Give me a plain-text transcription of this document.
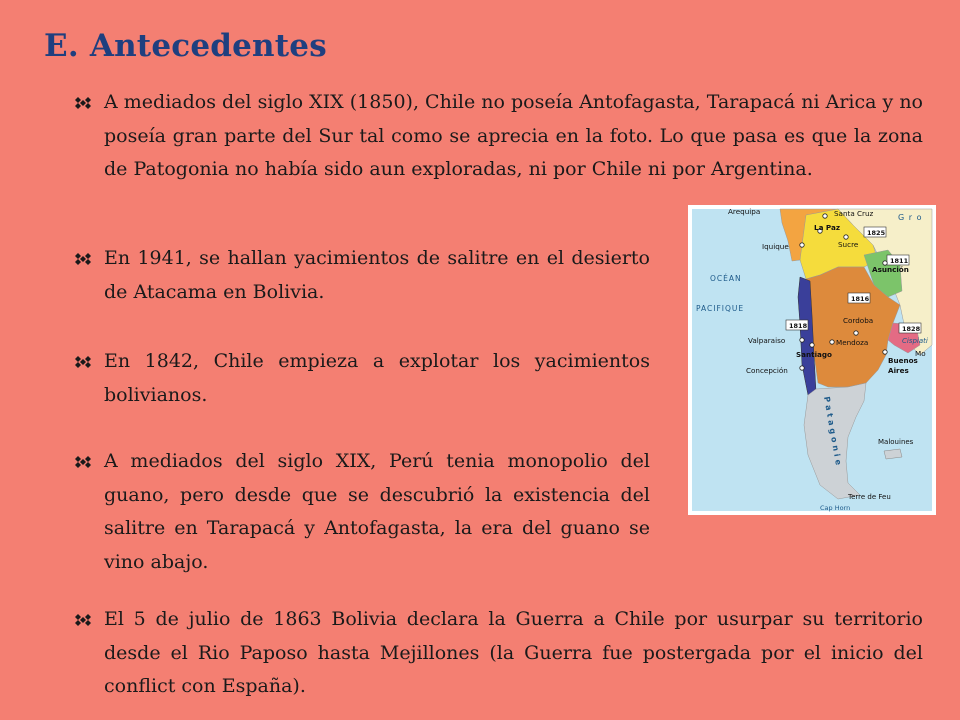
E. Antecedentes
A mediados del siglo XIX (1850), Chile no poseía Antofagasta, Tarapacá ni Arica y no poseía gran parte del Sur tal como se aprecia en la foto. Lo que pasa es que la zona de Patogonia no había sido aun exploradas, ni por Chile ni por Argentina.
En 1941, se hallan yacimientos de salitre en el desierto de Atacama en Bolivia.
En 1842, Chile empieza a explotar los yacimientos bolivianos.
A mediados del siglo XIX, Perú tenia monopolio del guano, pero desde que se descubrió la existencia del salitre en Tarapacá y Antofagasta, la era del guano se vino abajo.
El 5 de julio de 1863 Bolivia declara la Guerra a Chile por usurpar su territorio desde el Rio Paposo hasta Mejillones (la Guerra fue postergada por el inicio del conflict con España).
1825
1811
1816
1818	1828
Arequipa	Santa Cruz
La Paz
Sucre
Iquique
Asunción
Cordoba
Mendoza
Valparaiso
Santiago
Concepción
Buenos
Aires
Mo
OCÉAN
PACIFIQUE
G r o
Cispiati
Patagonie	Malouines
Terre de Feu
Cap Horn
